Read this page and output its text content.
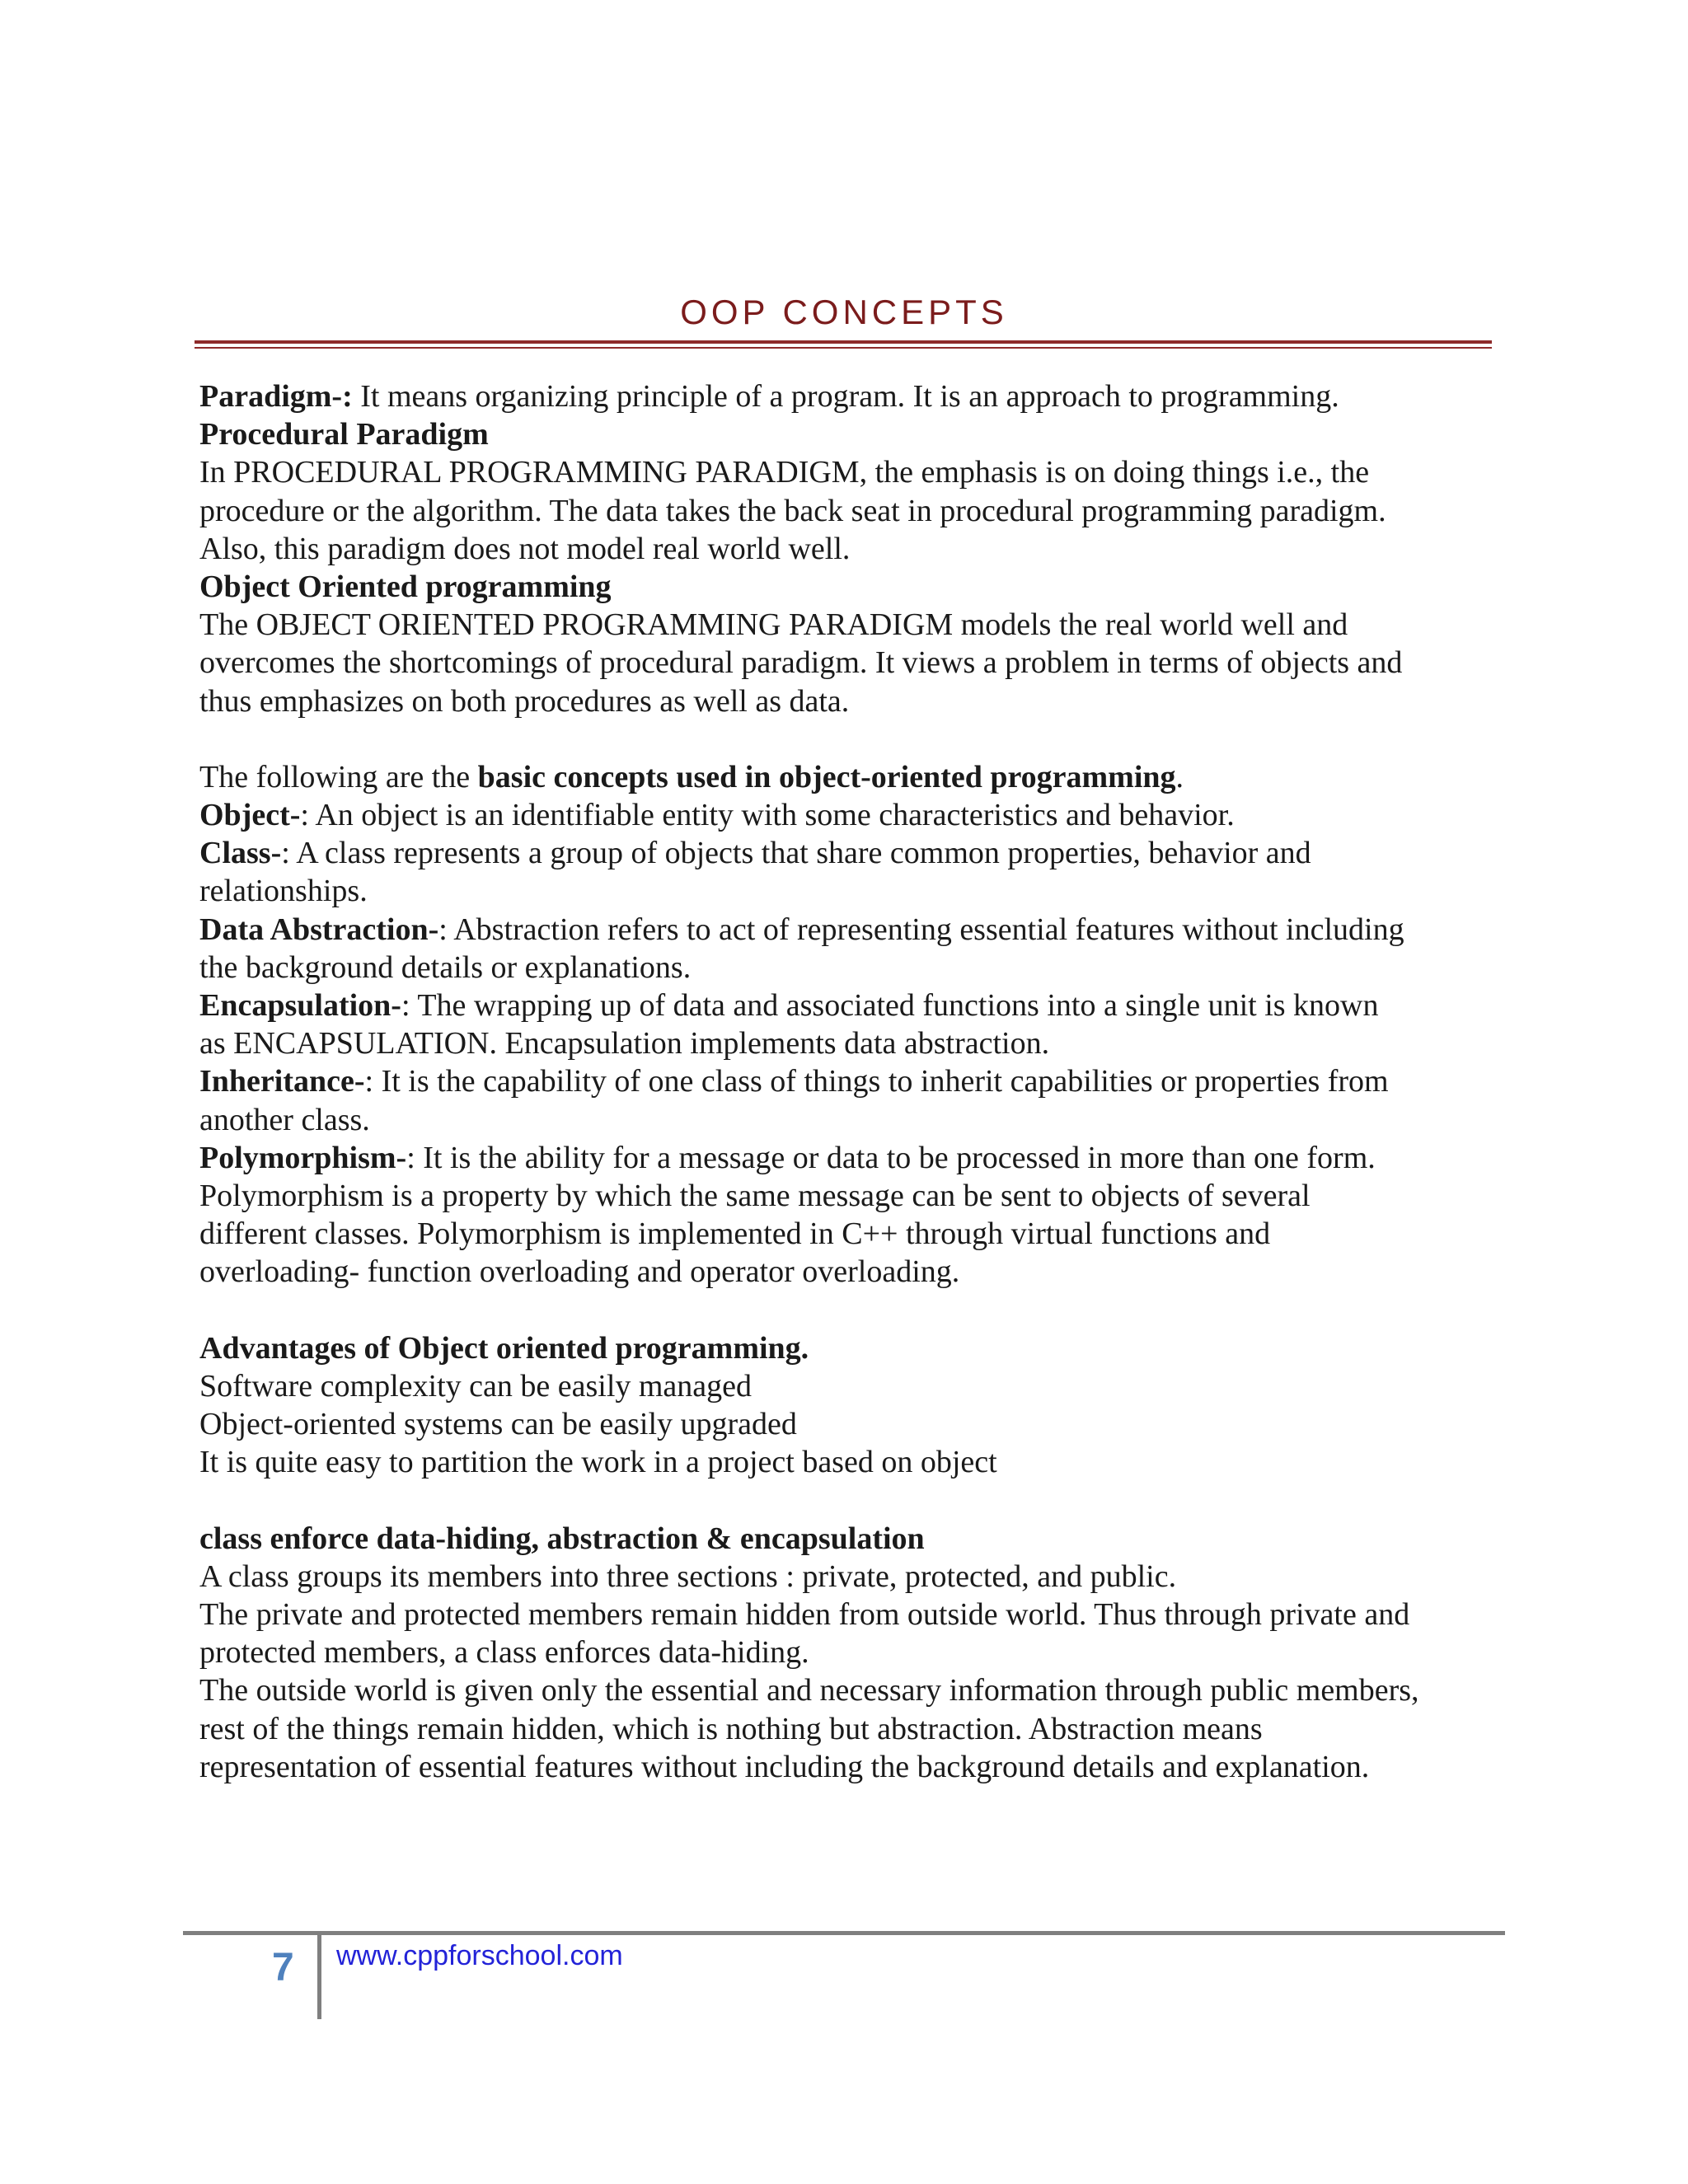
OOP CONCEPTS
Paradigm-: It means organizing principle of a program. It is an approach to programming.
Procedural Paradigm
In PROCEDURAL PROGRAMMING PARADIGM, the emphasis is on doing things i.e., the
procedure or the algorithm. The data takes the back seat in procedural programming paradigm.
Also, this paradigm does not model real world well.
Object Oriented programming
The OBJECT ORIENTED PROGRAMMING PARADIGM models the real world well and
overcomes the shortcomings of procedural paradigm. It views a problem in terms of objects and
thus emphasizes on both procedures as well as data.
The following are the basic concepts used in object-oriented programming.
Object-: An object is an identifiable entity with some characteristics and behavior.
Class-: A class represents a group of objects that share common properties, behavior and
relationships.
Data Abstraction-: Abstraction refers to act of representing essential features without including
the background details or explanations.
Encapsulation-: The wrapping up of data and associated functions into a single unit is known
as ENCAPSULATION. Encapsulation implements data abstraction.
Inheritance-: It is the capability of one class of things to inherit capabilities or properties from
another class.
Polymorphism-: It is the ability for a message or data to be processed in more than one form.
Polymorphism is a property by which the same message can be sent to objects of several
different classes. Polymorphism is implemented in C++ through virtual functions and
overloading- function overloading and operator overloading.
Advantages of Object oriented programming.
Software complexity can be easily managed
Object-oriented systems can be easily upgraded
It is quite easy to partition the work in a project based on object
class enforce data-hiding, abstraction & encapsulation
A class groups its members into three sections : private, protected, and public.
The private and protected members remain hidden from outside world. Thus through private and
protected members, a class enforces data-hiding.
The outside world is given only the essential and necessary information through public members,
rest of the things remain hidden, which is nothing but abstraction. Abstraction means
representation of essential features without including the background details and explanation.
7 www.cppforschool.com
